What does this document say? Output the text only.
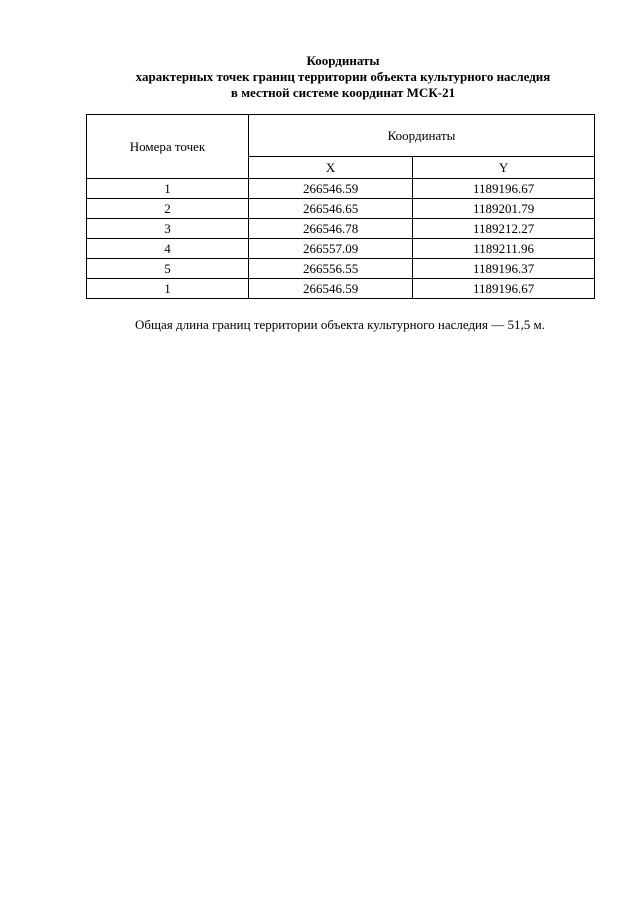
Координаты
характерных точек границ территории объекта культурного наследия
в местной системе координат МСК-21
Номера точек	Координаты	
	X	Y
1	266546.59	1189196.67
2	266546.65	1189201.79
3	266546.78	1189212.27
4	266557.09	1189211.96
5	266556.55	1189196.37
1	266546.59	1189196.67
Общая длина границ территории объекта культурного наследия — 51,5 м.
